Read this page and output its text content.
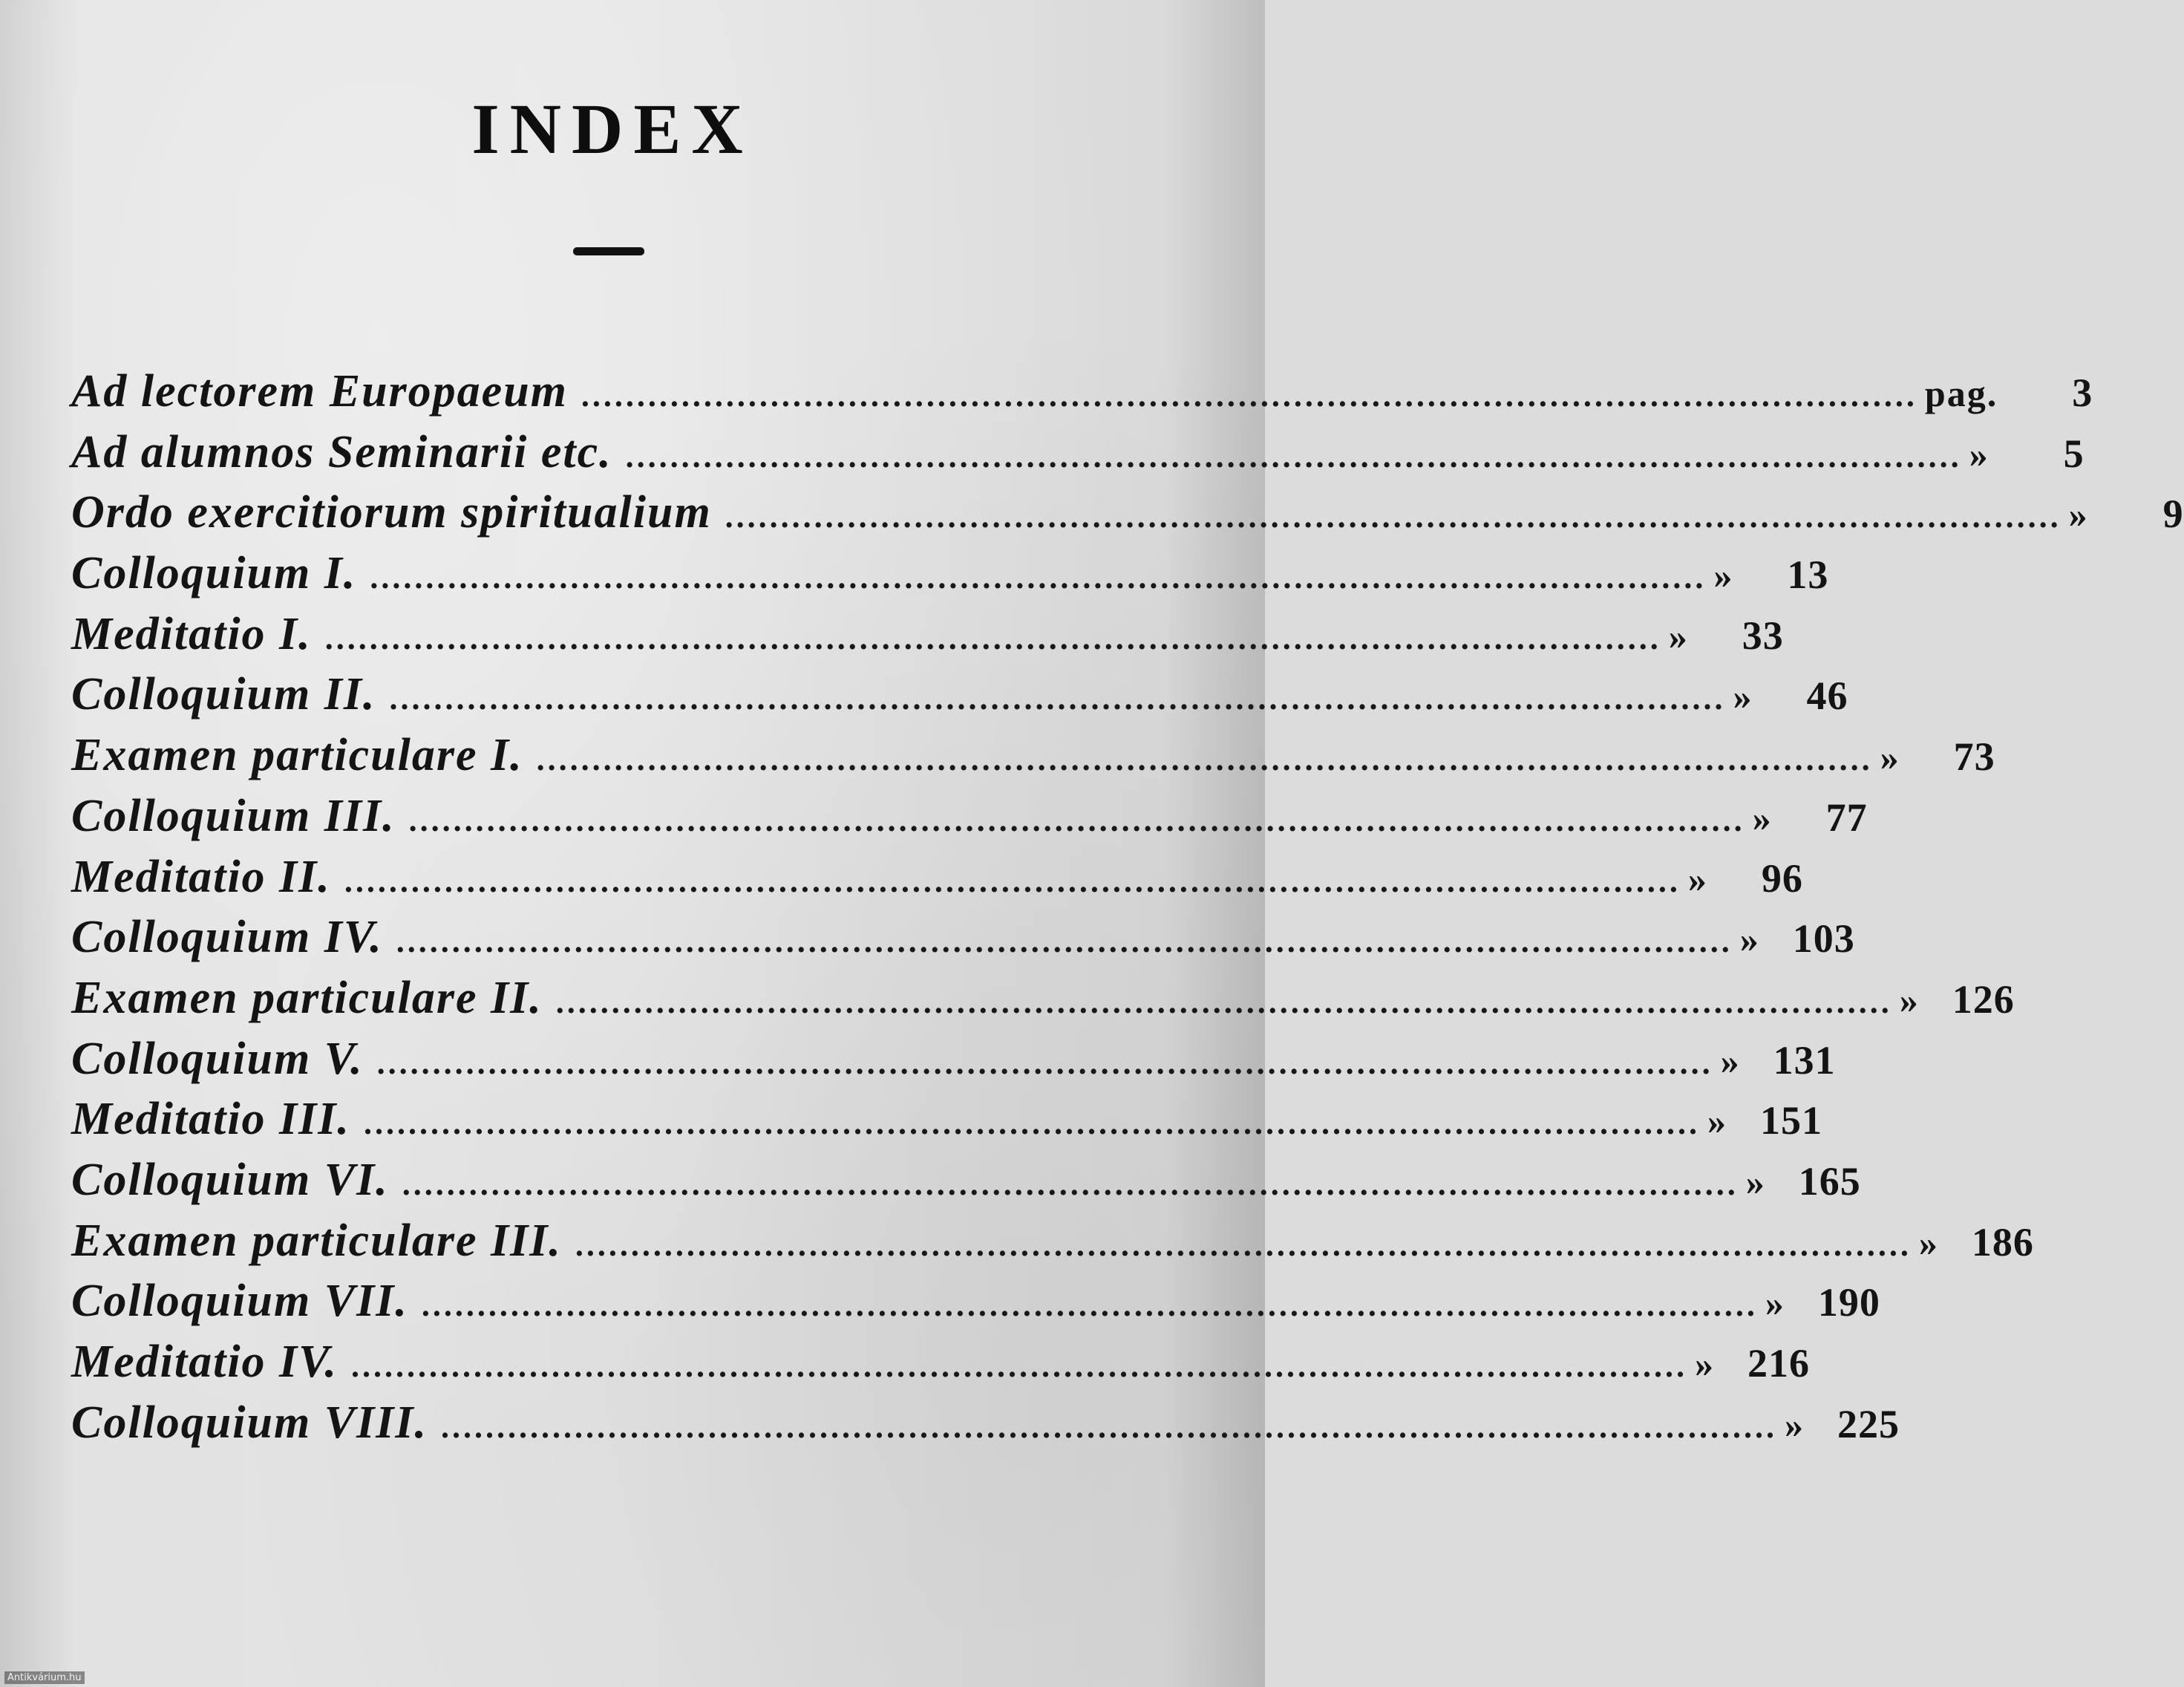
INDEX
Ad lectorem Europaeum ........................................................................................................................ pag.	3
Ad alumnos Seminarii etc. ........................................................................................................................ »	5
Ordo exercitiorum spiritualium ........................................................................................................................ »	9
Colloquium I. ........................................................................................................................ »	13
Meditatio I. ........................................................................................................................ »	33
Colloquium II. ........................................................................................................................ »	46
Examen particulare I. ........................................................................................................................ »	73
Colloquium III. ........................................................................................................................ »	77
Meditatio II. ........................................................................................................................ »	96
Colloquium IV. ........................................................................................................................ » 103
Examen particulare II. ........................................................................................................................ » 126
Colloquium V. ........................................................................................................................ » 131
Meditatio III. ........................................................................................................................ » 151
Colloquium VI. ........................................................................................................................ » 165
Examen particulare III. ........................................................................................................................ » 186
Colloquium VII. ........................................................................................................................ » 190
Meditatio IV. ........................................................................................................................ » 216
Colloquium VIII. ........................................................................................................................ » 225
Antikvárium.hu
